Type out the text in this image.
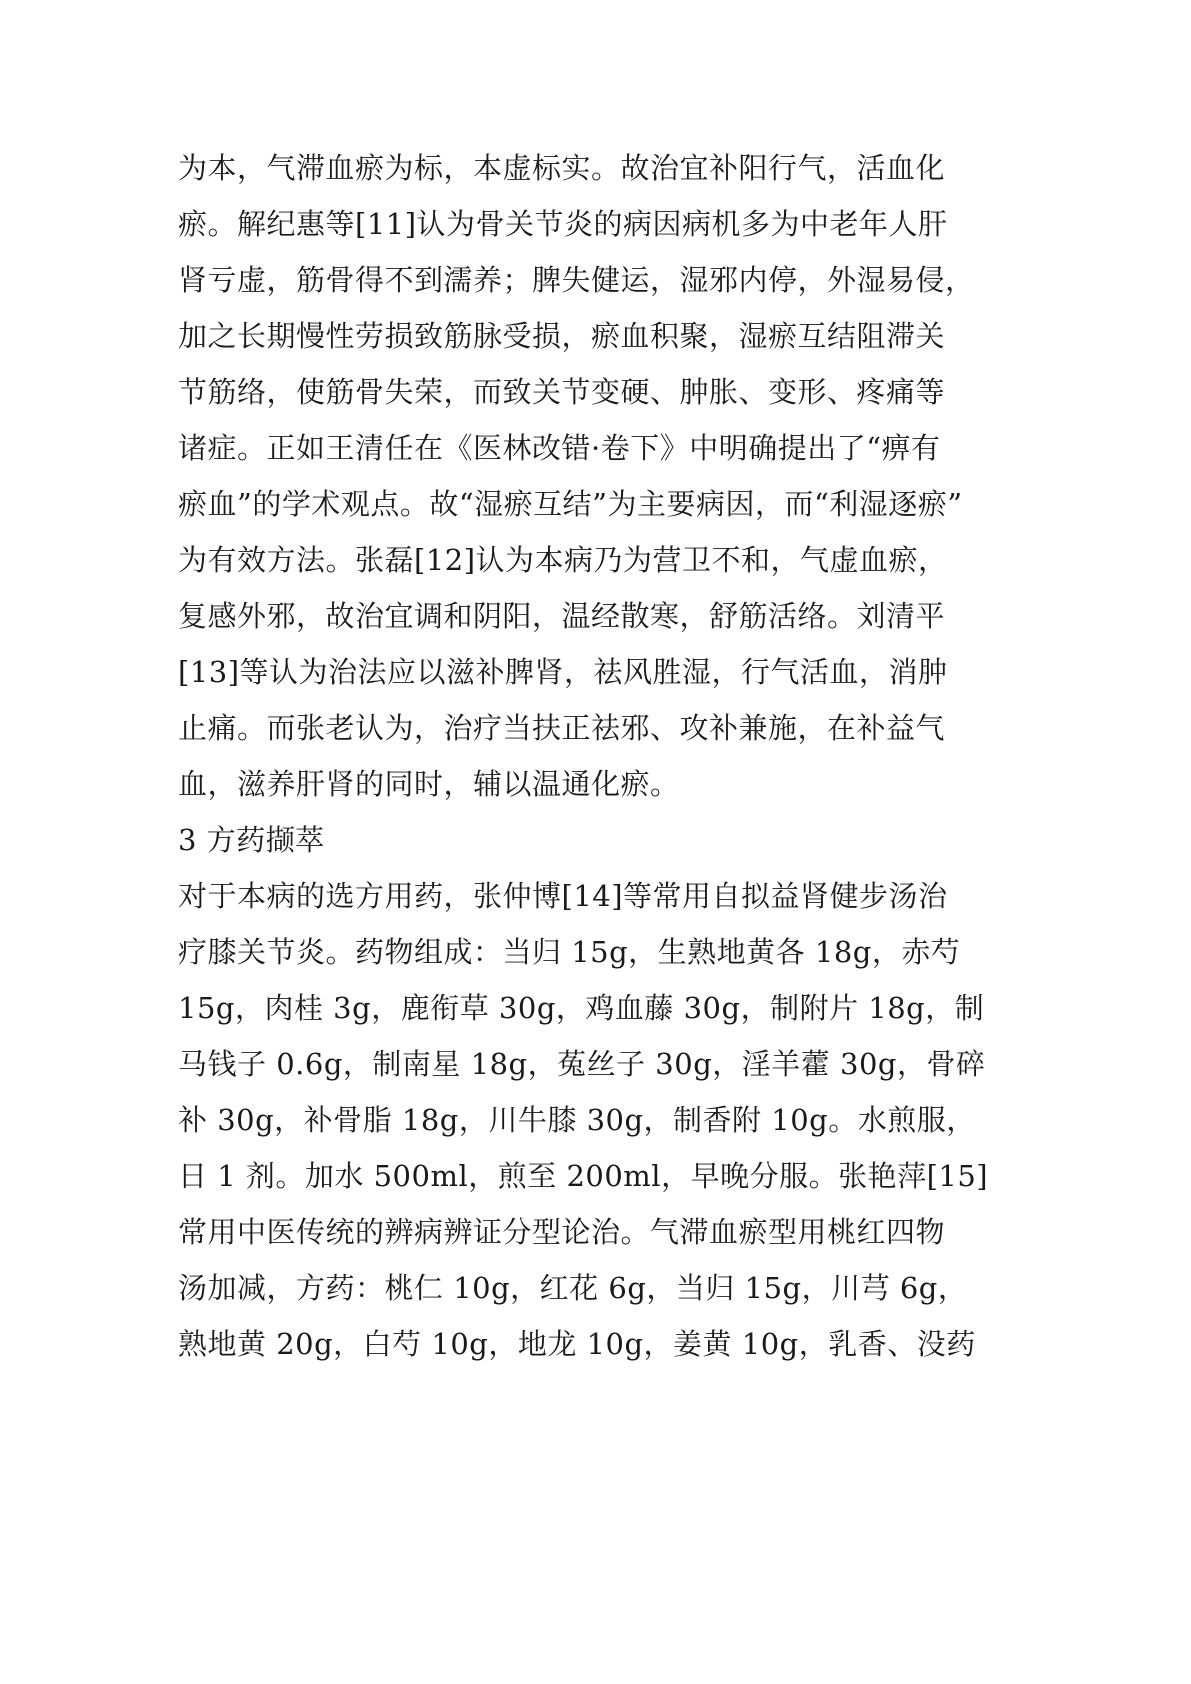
为本，气滞血瘀为标，本虚标实。故治宜补阳行气，活血化
瘀。解纪惠等[11]认为骨关节炎的病因病机多为中老年人肝
肾亏虚，筋骨得不到濡养；脾失健运，湿邪内停，外湿易侵，
加之长期慢性劳损致筋脉受损，瘀血积聚，湿瘀互结阻滞关
节筋络，使筋骨失荣，而致关节变硬、肿胀、变形、疼痛等
诸症。正如王清任在《医林改错·卷下》中明确提出了“痹有
瘀血”的学术观点。故“湿瘀互结”为主要病因，而“利湿逐瘀”
为有效方法。张磊[12]认为本病乃为营卫不和，气虚血瘀，
复感外邪，故治宜调和阴阳，温经散寒，舒筋活络。刘清平
[13]等认为治法应以滋补脾肾，祛风胜湿，行气活血，消肿
止痛。而张老认为，治疗当扶正祛邪、攻补兼施，在补益气
血，滋养肝肾的同时，辅以温通化瘀。
3 方药撷萃
对于本病的选方用药，张仲博[14]等常用自拟益肾健步汤治
疗膝关节炎。药物组成：当归 15g，生熟地黄各 18g，赤芍
15g，肉桂 3g，鹿衔草 30g，鸡血藤 30g，制附片 18g，制
马钱子 0.6g，制南星 18g，菟丝子 30g，淫羊藿 30g，骨碎
补 30g，补骨脂 18g，川牛膝 30g，制香附 10g。水煎服，
日 1 剂。加水 500ml，煎至 200ml，早晚分服。张艳萍[15]
常用中医传统的辨病辨证分型论治。气滞血瘀型用桃红四物
汤加减，方药：桃仁 10g，红花 6g，当归 15g，川芎 6g，
熟地黄 20g，白芍 10g，地龙 10g，姜黄 10g，乳香、没药
